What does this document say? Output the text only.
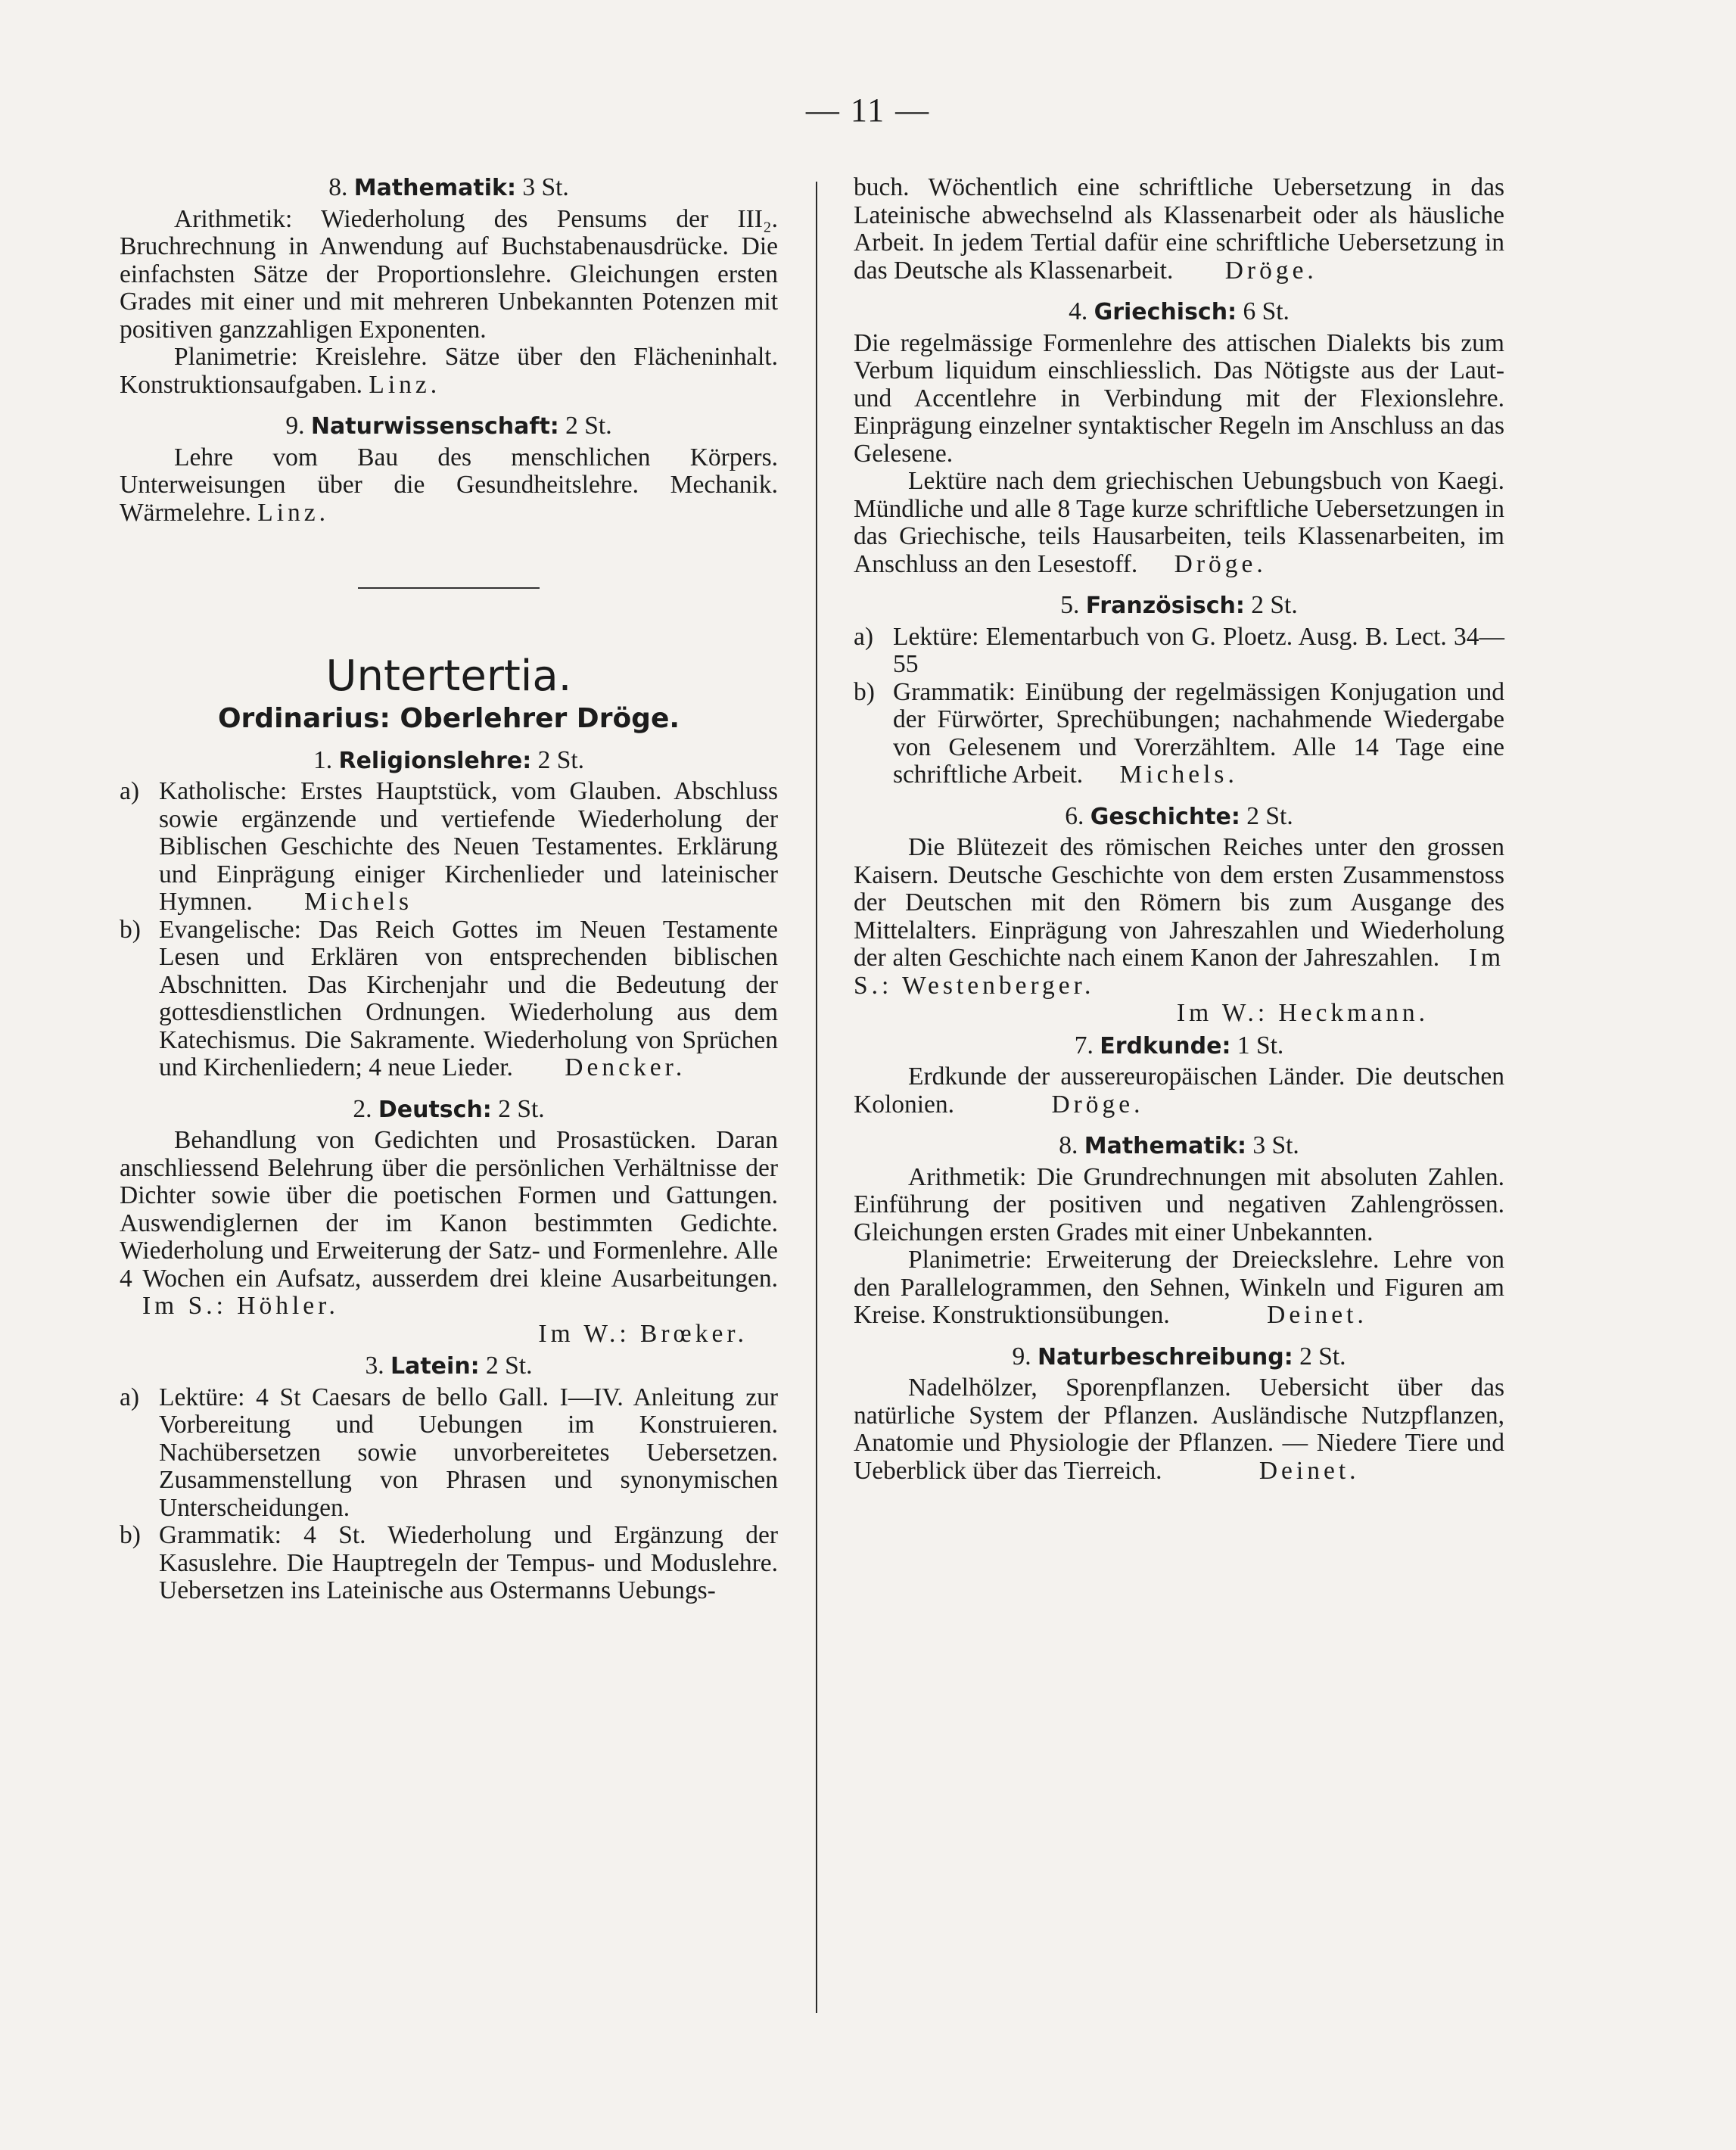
— 11 —
8. Mathematik: 3 St.

Arithmetik: Wiederholung des Pensums der III₂. Bruchrechnung in Anwendung auf Buchstabenausdrücke. Die einfachsten Sätze der Proportionslehre. Gleichungen ersten Grades mit einer und mit mehreren Unbekannten Potenzen mit positiven ganzzahligen Exponenten.

Planimetrie: Kreislehre. Sätze über den Flächeninhalt. Konstruktionsaufgaben. Linz.

9. Naturwissenschaft: 2 St.

Lehre vom Bau des menschlichen Körpers. Unterweisungen über die Gesundheitslehre. Mechanik. Wärmelehre. Linz.

Untertertia.
Ordinarius: Oberlehrer Dröge.
1. Religionslehre: 2 St.
a) Katholische: Erstes Hauptstück, vom Glauben. Abschluss sowie ergänzende und vertiefende Wiederholung der Biblischen Geschichte des Neuen Testamentes. Erklärung und Einprägung einiger Kirchenlieder und lateinischer Hymnen. Michels
b) Evangelische: Das Reich Gottes im Neuen Testamente Lesen und Erklären von entsprechenden biblischen Abschnitten. Das Kirchenjahr und die Bedeutung der gottesdienstlichen Ordnungen. Wiederholung aus dem Katechismus. Die Sakramente. Wiederholung von Sprüchen und Kirchenliedern; 4 neue Lieder. Dencker.
2. Deutsch: 2 St.

Behandlung von Gedichten und Prosastücken. Daran anschliessend Belehrung über die persönlichen Verhältnisse der Dichter sowie über die poetischen Formen und Gattungen. Auswendiglernen der im Kanon bestimmten Gedichte. Wiederholung und Erweiterung der Satz- und Formenlehre. Alle 4 Wochen ein Aufsatz, ausserdem drei kleine Ausarbeitungen. Im S.: Höhler.

Im W.: Brœker.
3. Latein: 2 St.
a) Lektüre: 4 St Caesars de bello Gall. I—IV. Anleitung zur Vorbereitung und Uebungen im Konstruieren. Nachübersetzen sowie unvorbereitetes Uebersetzen. Zusammenstellung von Phrasen und synonymischen Unterscheidungen.
b) Grammatik: 4 St. Wiederholung und Ergänzung der Kasuslehre. Die Hauptregeln der Tempus- und Moduslehre. Uebersetzen ins Lateinische aus Ostermanns Uebungs-

buch. Wöchentlich eine schriftliche Uebersetzung in das Lateinische abwechselnd als Klassenarbeit oder als häusliche Arbeit. In jedem Tertial dafür eine schriftliche Uebersetzung in das Deutsche als Klassenarbeit. Dröge.

4. Griechisch: 6 St.

Die regelmässige Formenlehre des attischen Dialekts bis zum Verbum liquidum einschliesslich. Das Nötigste aus der Laut- und Accentlehre in Verbindung mit der Flexionslehre. Einprägung einzelner syntaktischer Regeln im Anschluss an das Gelesene.

Lektüre nach dem griechischen Uebungsbuch von Kaegi. Mündliche und alle 8 Tage kurze schriftliche Uebersetzungen in das Griechische, teils Hausarbeiten, teils Klassenarbeiten, im Anschluss an den Lesestoff. Dröge.

5. Französisch: 2 St.
a) Lektüre: Elementarbuch von G. Ploetz. Ausg. B. Lect. 34—55
b) Grammatik: Einübung der regelmässigen Konjugation und der Fürwörter, Sprechübungen; nachahmende Wiedergabe von Gelesenem und Vorerzähltem. Alle 14 Tage eine schriftliche Arbeit. Michels.
6. Geschichte: 2 St.

Die Blütezeit des römischen Reiches unter den grossen Kaisern. Deutsche Geschichte von dem ersten Zusammenstoss der Deutschen mit den Römern bis zum Ausgange des Mittelalters. Einprägung von Jahreszahlen und Wiederholung der alten Geschichte nach einem Kanon der Jahreszahlen. Im S.: Westenberger.

Im W.: Heckmann.
7. Erdkunde: 1 St.

Erdkunde der aussereuropäischen Länder. Die deutschen Kolonien.	Dröge.

8. Mathematik: 3 St.

Arithmetik: Die Grundrechnungen mit absoluten Zahlen. Einführung der positiven und negativen Zahlengrössen. Gleichungen ersten Grades mit einer Unbekannten.

Planimetrie: Erweiterung der Dreieckslehre. Lehre von den Parallelogrammen, den Sehnen, Winkeln und Figuren am Kreise. Konstruktionsübungen.	Deinet.

9. Naturbeschreibung: 2 St.

Nadelhölzer, Sporenpflanzen. Uebersicht über das natürliche System der Pflanzen. Ausländische Nutzpflanzen, Anatomie und Physiologie der Pflanzen. — Niedere Tiere und Ueberblick über das Tierreich.	Deinet.
